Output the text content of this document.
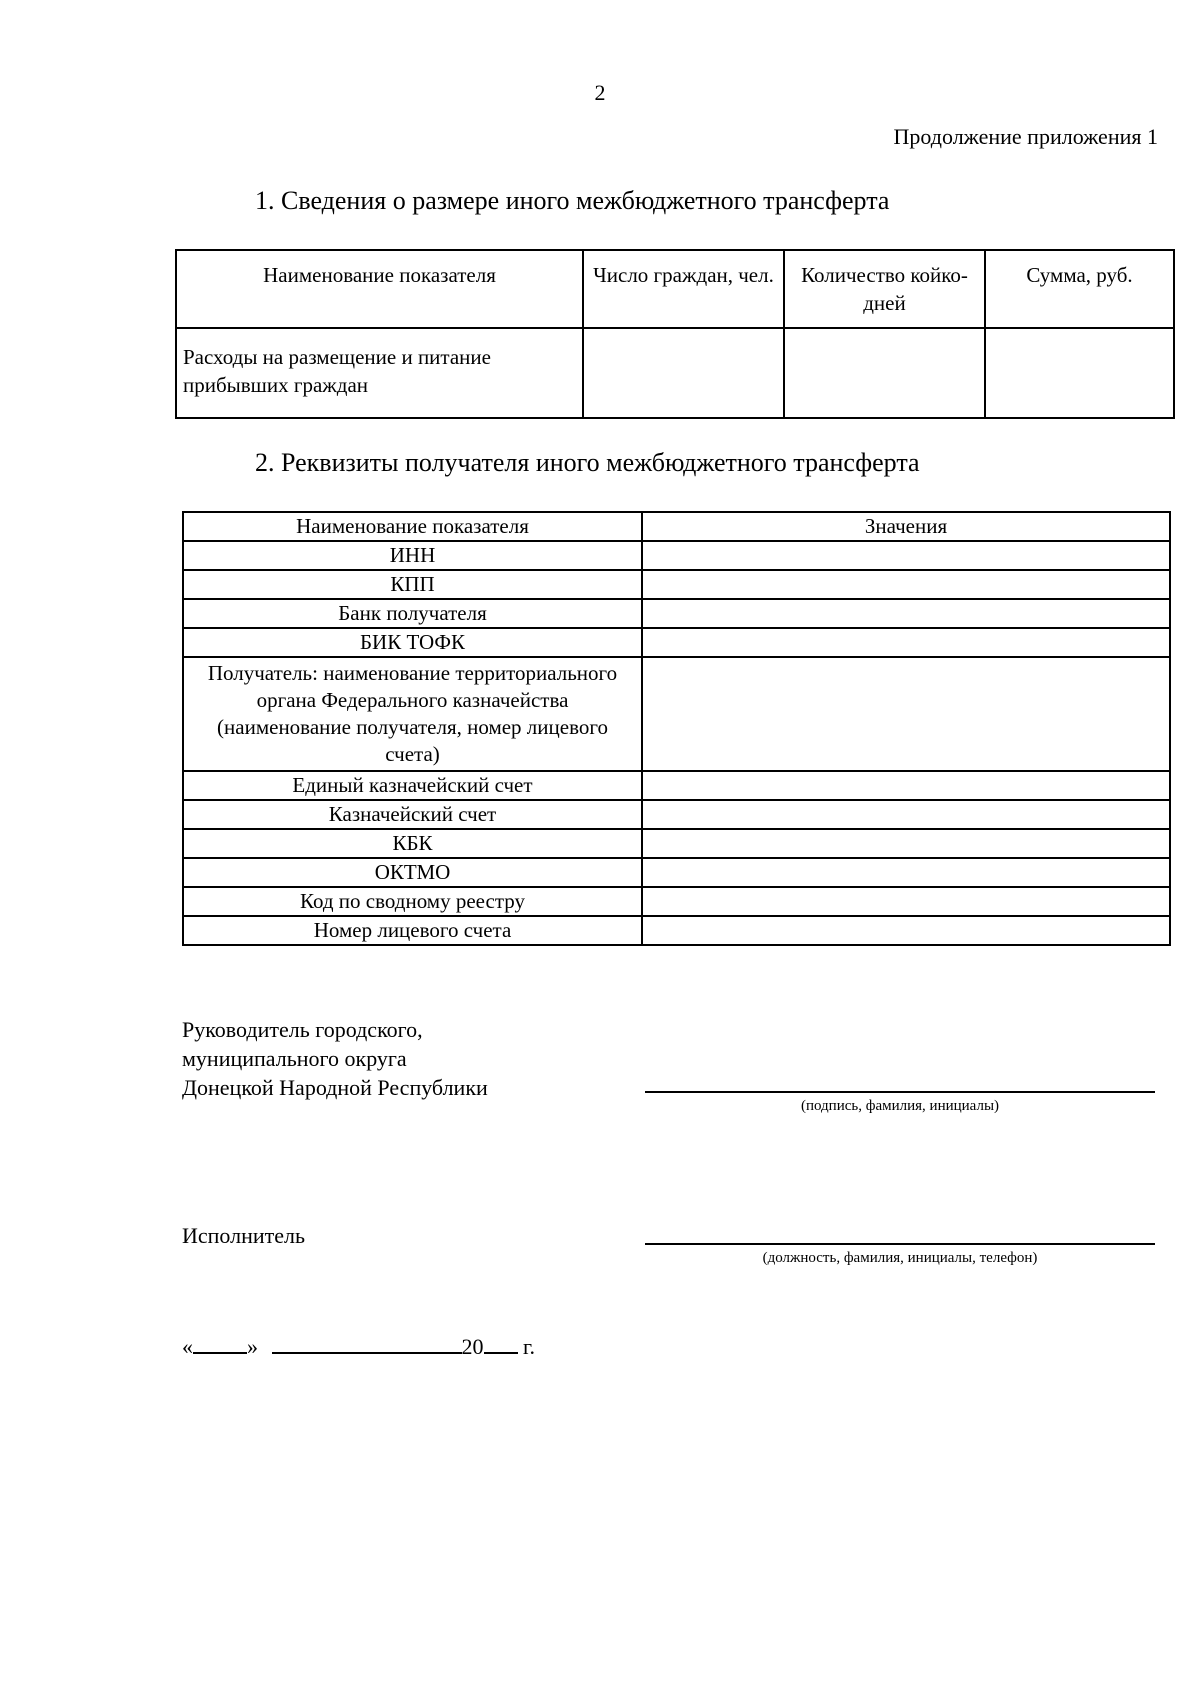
2
Продолжение приложения 1
1. Сведения о размере иного межбюджетного трансферта
Наименование показателя	Число граждан, чел.	Количество койко-дней	Сумма, руб.
Расходы на размещение и питание прибывших граждан			
2. Реквизиты получателя иного межбюджетного трансферта
Наименование показателя	Значения
ИНН	
КПП	
Банк получателя	
БИК ТОФК	
Получатель: наименование территориального органа Федерального казначейства (наименование получателя, номер лицевого счета)	
Единый казначейский счет	
Казначейский счет	
КБК	
ОКТМО	
Код по сводному реестру	
Номер лицевого счета	
Руководитель городского,
муниципального округа
Донецкой Народной Республики
(подпись, фамилия, инициалы)
Исполнитель
(должность, фамилия, инициалы, телефон)
« »	20 г.
